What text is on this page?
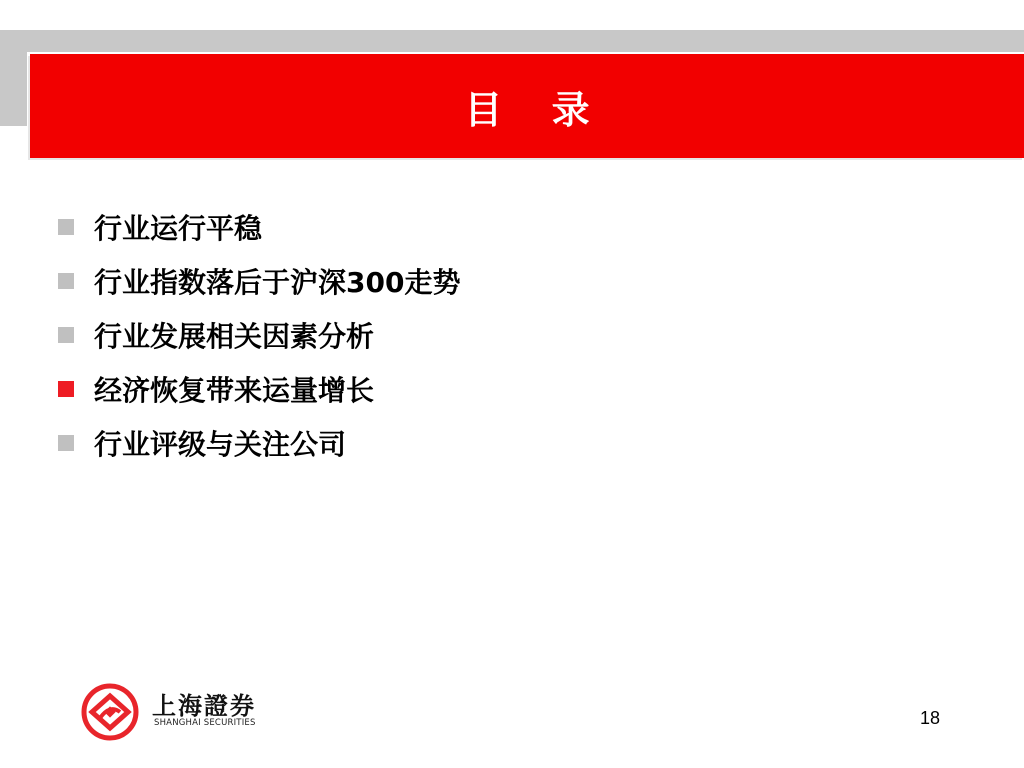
目 录
行业运行平稳
行业指数落后于沪深300走势
行业发展相关因素分析
经济恢复带来运量增长
行业评级与关注公司
上海證券
SHANGHAI SECURITIES	18
